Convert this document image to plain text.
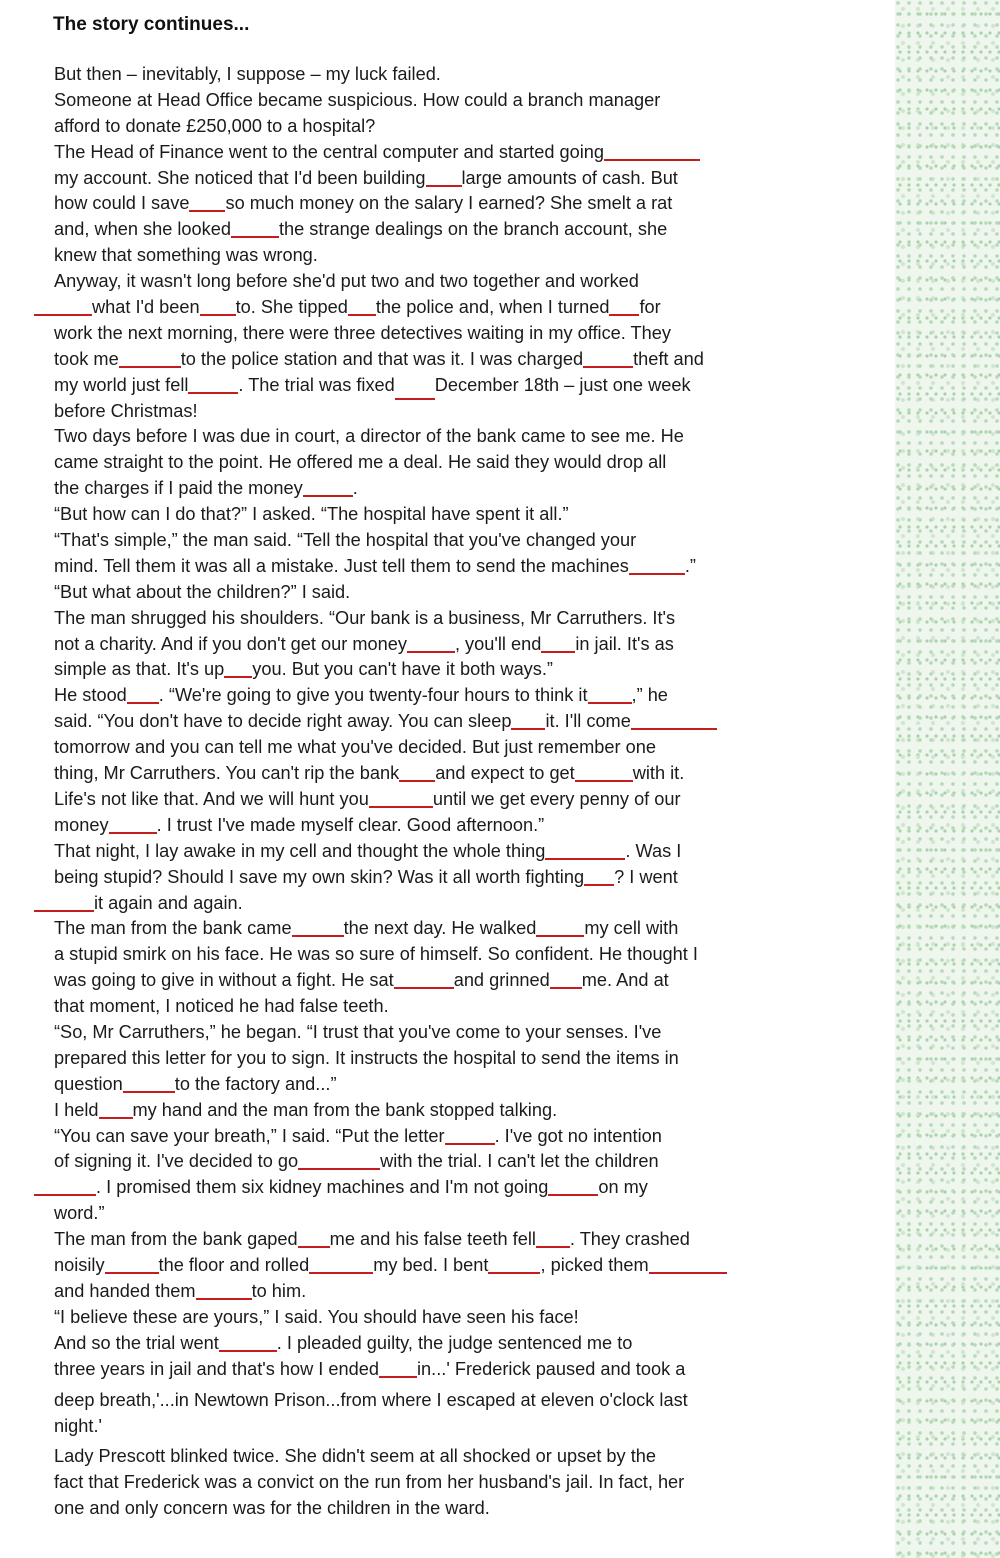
The story continues...
But then – inevitably, I suppose – my luck failed.
Someone at Head Office became suspicious. How could a branch manager
afford to donate £250,000 to a hospital?
The Head of Finance went to the central computer and started going
my account. She noticed that I'd been building large amounts of cash. But
how could I save so much money on the salary I earned? She smelt a rat
and, when she looked	the strange dealings on the branch account, she
knew that something was wrong.
Anyway, it wasn't long before she'd put two and two together and worked
what I'd been to. She tipped the police and, when I turned for
work the next morning, there were three detectives waiting in my office. They
took me	to the police station and that was it. I was charged	theft and
my world just fell	. The trial was fixed December 18th – just one week
before Christmas!
Two days before I was due in court, a director of the bank came to see me. He
came straight to the point. He offered me a deal. He said they would drop all
the charges if I paid the money	.
“But how can I do that?” I asked. “The hospital have spent it all.”
“That's simple,” the man said. “Tell the hospital that you've changed your
mind. Tell them it was all a mistake. Just tell them to send the machines	.”
“But what about the children?” I said.
The man shrugged his shoulders. “Our bank is a business, Mr Carruthers. It's
not a charity. And if you don't get our money	, you'll end in jail. It's as
simple as that. It's up you. But you can't have it both ways.”
He stood . “We're going to give you twenty-four hours to think it ,” he
said. “You don't have to decide right away. You can sleep it. I'll come
tomorrow and you can tell me what you've decided. But just remember one
thing, Mr Carruthers. You can't rip the bank and expect to get	with it.
Life's not like that. And we will hunt you	until we get every penny of our
money	. I trust I've made myself clear. Good afternoon.”
That night, I lay awake in my cell and thought the whole thing	. Was I
being stupid? Should I save my own skin? Was it all worth fighting ? I went
it again and again.
The man from the bank came	the next day. He walked	my cell with
a stupid smirk on his face. He was so sure of himself. So confident. He thought I
was going to give in without a fight. He sat	and grinned me. And at
that moment, I noticed he had false teeth.
“So, Mr Carruthers,” he began. “I trust that you've come to your senses. I've
prepared this letter for you to sign. It instructs the hospital to send the items in
question	to the factory and...”
I held my hand and the man from the bank stopped talking.
“You can save your breath,” I said. “Put the letter	. I've got no intention
of signing it. I've decided to go	with the trial. I can't let the children
. I promised them six kidney machines and I'm not going	on my
word.”
The man from the bank gaped me and his false teeth fell . They crashed
noisily	the floor and rolled	my bed. I bent	, picked them
and handed them	to him.
“I believe these are yours,” I said. You should have seen his face!
And so the trial went	. I pleaded guilty, the judge sentenced me to
three years in jail and that's how I ended in...' Frederick paused and took a
deep breath,'...in Newtown Prison...from where I escaped at eleven o'clock last
night.'
Lady Prescott blinked twice. She didn't seem at all shocked or upset by the
fact that Frederick was a convict on the run from her husband's jail. In fact, her
one and only concern was for the children in the ward.
